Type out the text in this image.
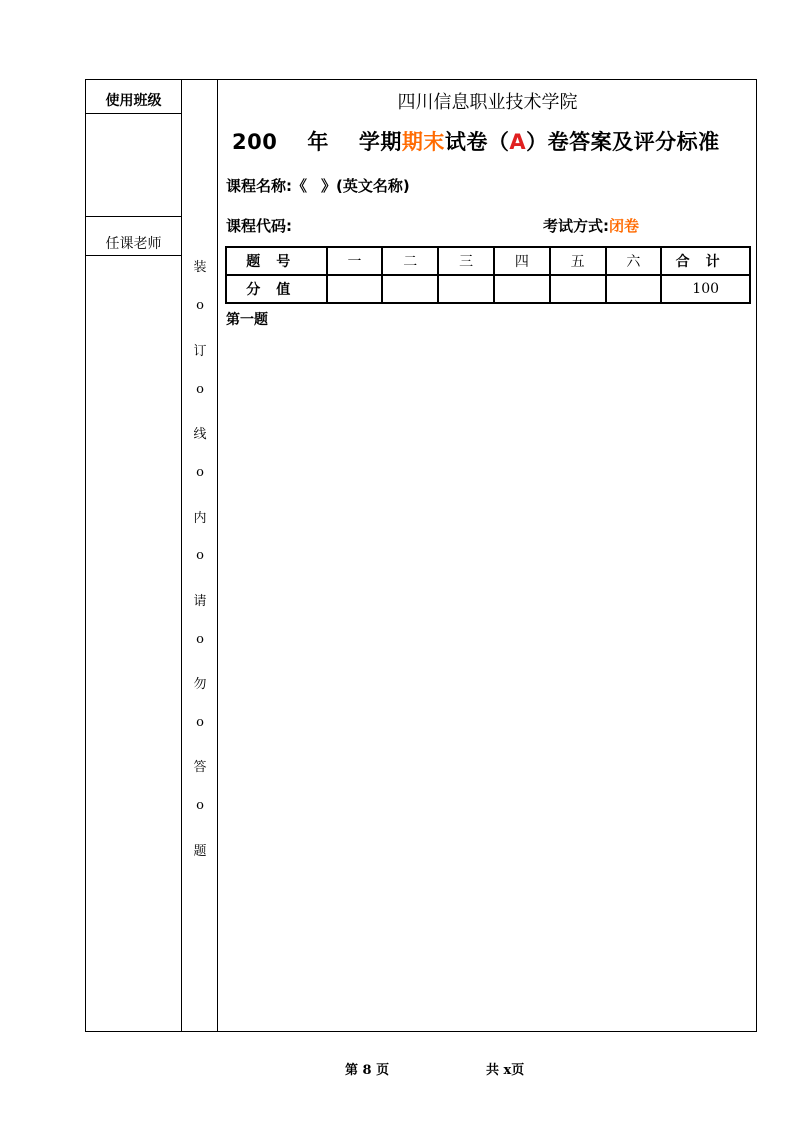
使用班级
任课老师
装
o
订
o
线
o
内
o
请
o
勿
o
答
o
题
四川信息职业技术学院
200 年 学期期末试卷（A）卷答案及评分标准
课程名称:《 》(英文名称)
课程代码:	考试方式:闭卷
题号	一	二	三	四	五	六	合计
分值							100
第一题
第 8 页	共 x页
